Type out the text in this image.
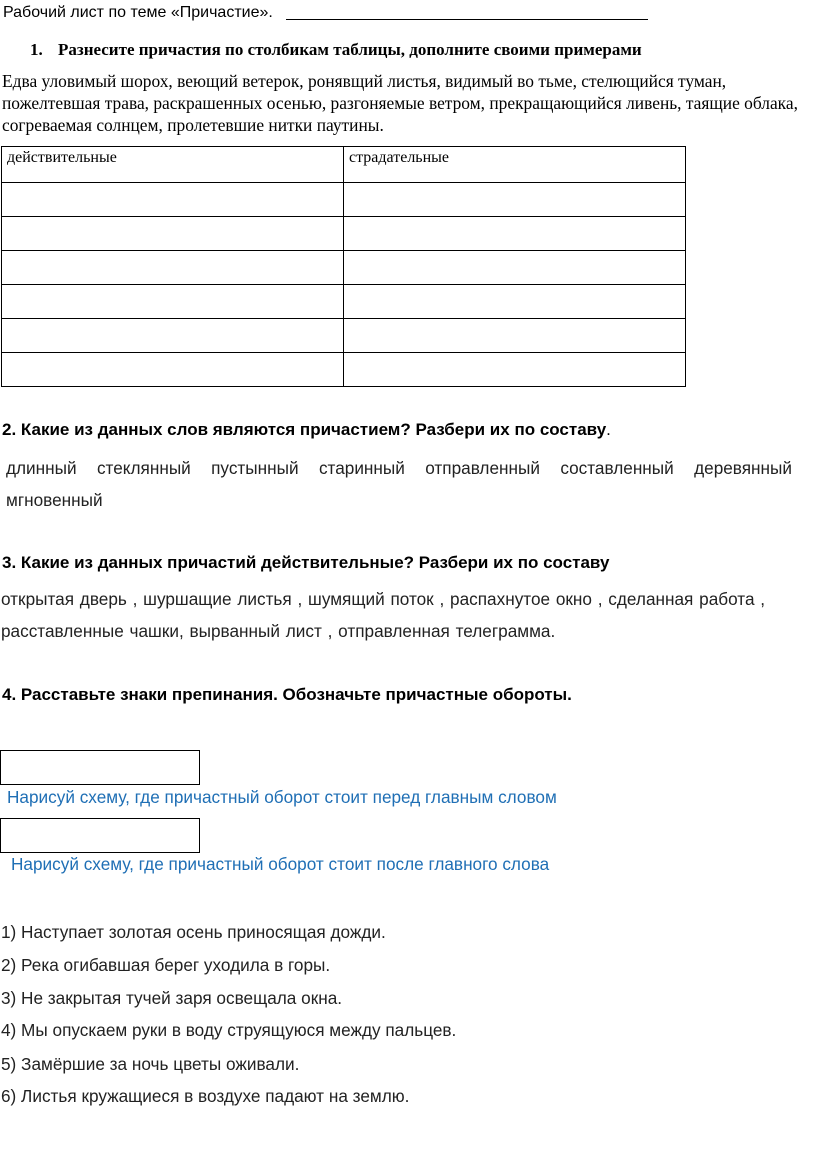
Рабочий лист по теме «Причастие».
1. Разнесите причастия по столбикам таблицы, дополните своими примерами
Едва уловимый шорох, веющий ветерок, ронявщий листья, видимый во тьме, стелющийся туман, пожелтевшая трава, раскрашенных осенью, разгоняемые ветром, прекращающийся ливень, таящие облака, согреваемая солнцем, пролетевшие нитки паутины.
действительные	страдательные

2. Какие из данных слов являются причастием? Разбери их по составу.
длинный стеклянный пустынный старинный отправленный составленный деревянный мгновенный
3. Какие из данных причастий действительные? Разбери их по составу
открытая дверь , шуршащие листья , шумящий поток , распахнутое окно , сделанная работа , расставленные чашки, вырванный лист , отправленная телеграмма.
4. Расставьте знаки препинания. Обозначьте причастные обороты.
Нарисуй схему, где причастный оборот стоит перед главным словом
Нарисуй схему, где причастный оборот стоит после главного слова
1) Наступает золотая осень приносящая дожди.
2) Река огибавшая берег уходила в горы.
3) Не закрытая тучей заря освещала окна.
4) Мы опускаем руки в воду струящуюся между пальцев.
5) Замёршие за ночь цветы оживали.
6) Листья кружащиеся в воздухе падают на землю.
